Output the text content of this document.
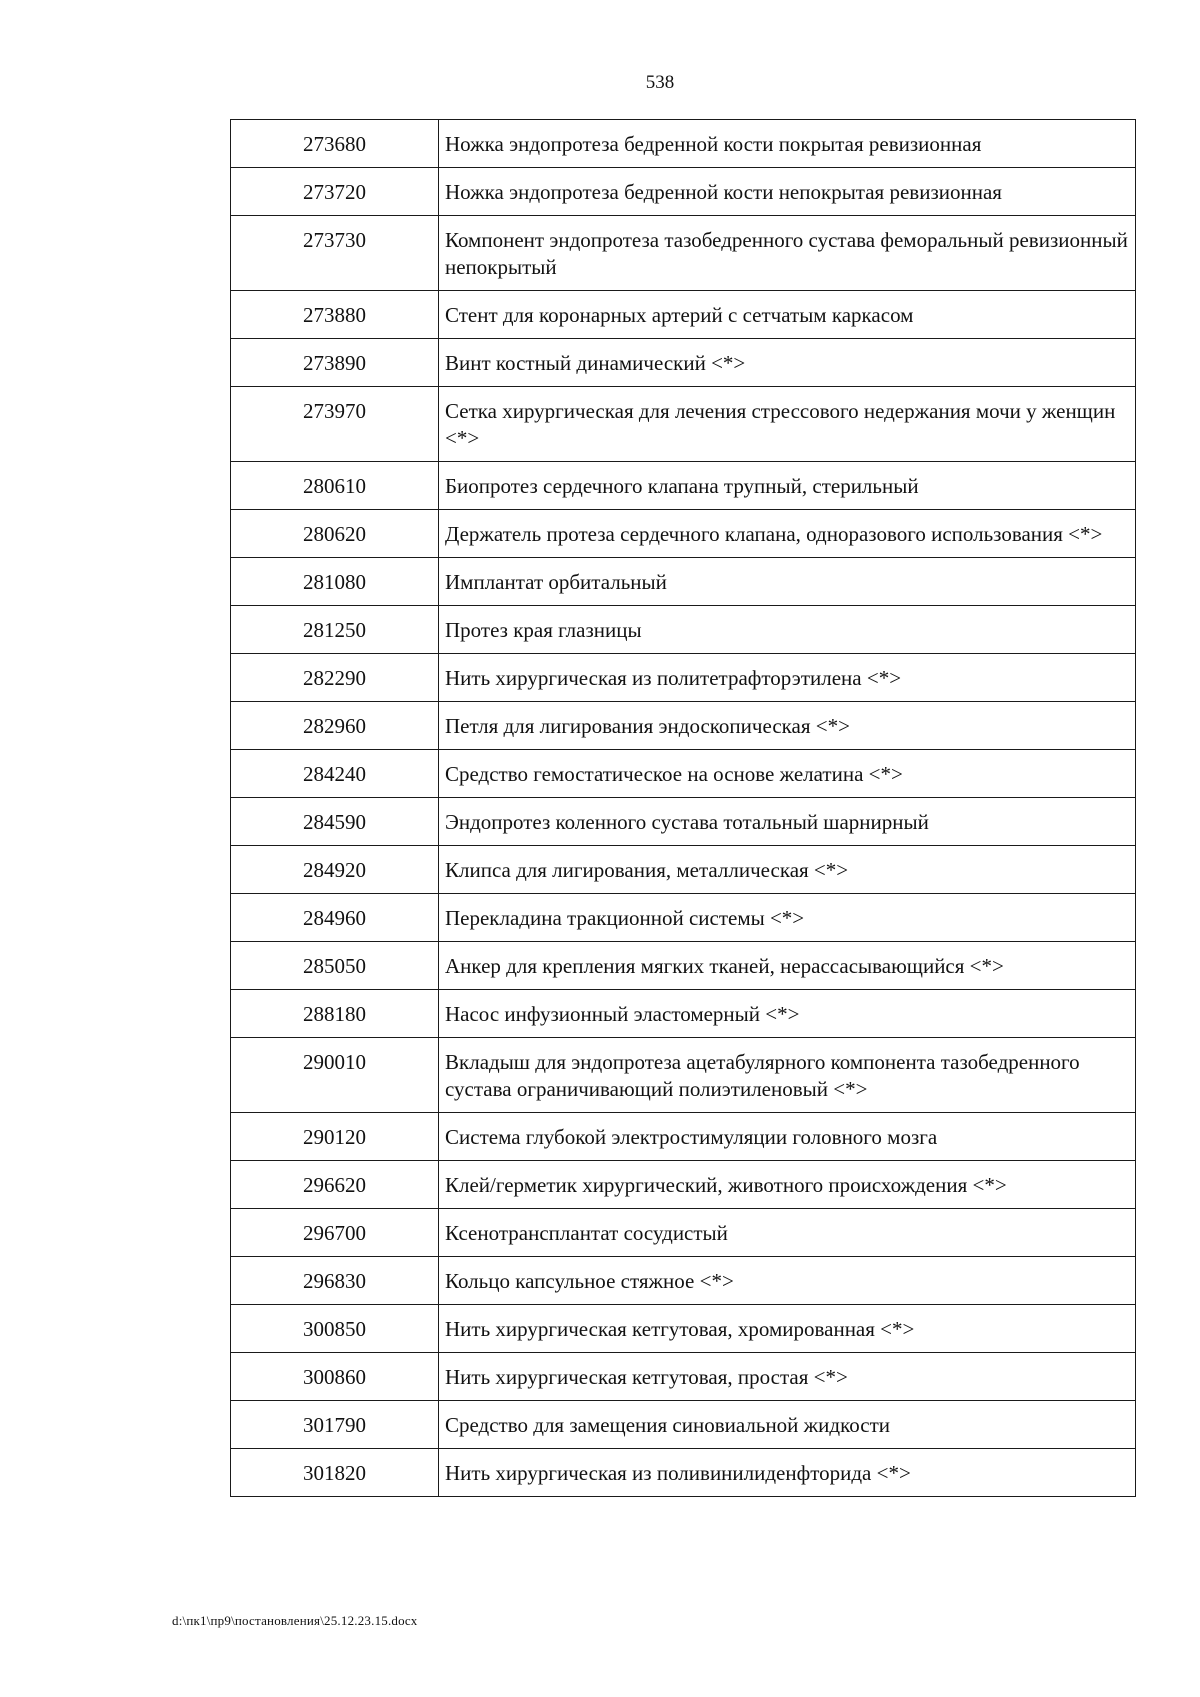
538
273680	Ножка эндопротеза бедренной кости покрытая ревизионная
273720	Ножка эндопротеза бедренной кости непокрытая ревизионная
273730	Компонент эндопротеза тазобедренного сустава феморальный ревизионный непокрытый
273880	Стент для коронарных артерий с сетчатым каркасом
273890	Винт костный динамический <*>
273970	Сетка хирургическая для лечения стрессового недержания мочи у женщин <*>
280610	Биопротез сердечного клапана трупный, стерильный
280620	Держатель протеза сердечного клапана, одноразового использования <*>
281080	Имплантат орбитальный
281250	Протез края глазницы
282290	Нить хирургическая из политетрафторэтилена <*>
282960	Петля для лигирования эндоскопическая <*>
284240	Средство гемостатическое на основе желатина <*>
284590	Эндопротез коленного сустава тотальный шарнирный
284920	Клипса для лигирования, металлическая <*>
284960	Перекладина тракционной системы <*>
285050	Анкер для крепления мягких тканей, нерассасывающийся <*>
288180	Насос инфузионный эластомерный <*>
290010	Вкладыш для эндопротеза ацетабулярного компонента тазобедренного сустава ограничивающий полиэтиленовый <*>
290120	Система глубокой электростимуляции головного мозга
296620	Клей/герметик хирургический, животного происхождения <*>
296700	Ксенотрансплантат сосудистый
296830	Кольцо капсульное стяжное <*>
300850	Нить хирургическая кетгутовая, хромированная <*>
300860	Нить хирургическая кетгутовая, простая <*>
301790	Средство для замещения синовиальной жидкости
301820	Нить хирургическая из поливинилиденфторида <*>
d:\пк1\пр9\постановления\25.12.23.15.docx
